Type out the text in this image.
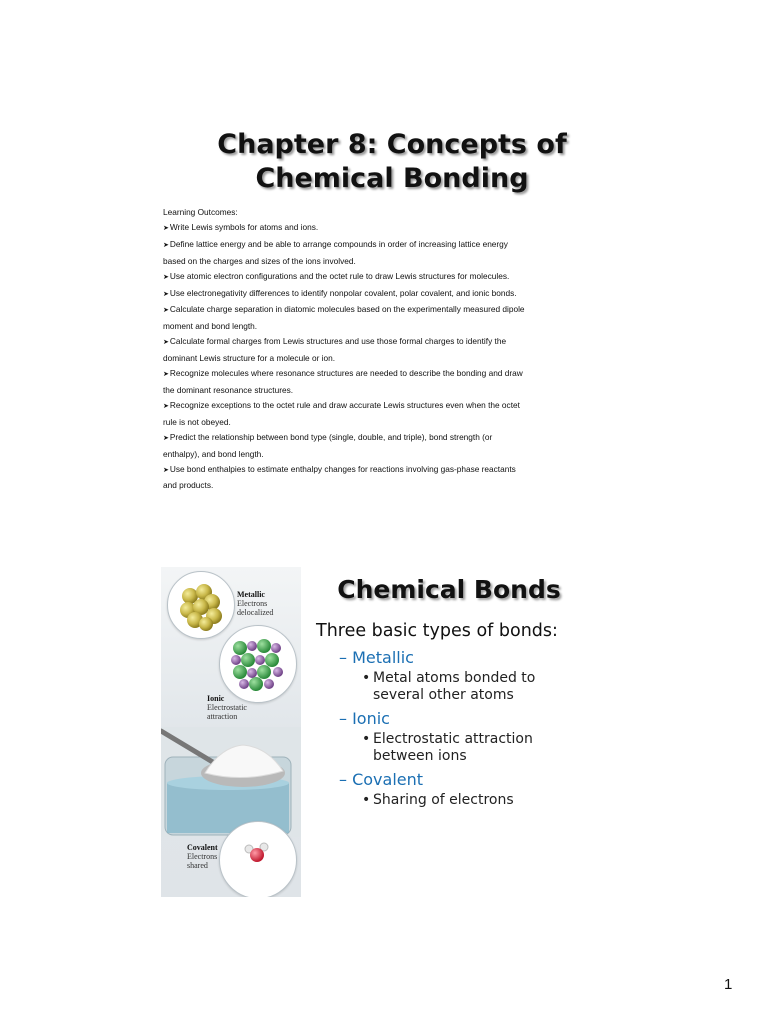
Chapter 8: Concepts of
Chemical Bonding
Learning Outcomes:
➤Write Lewis symbols for atoms and ions.
➤Define lattice energy and be able to arrange compounds in order of increasing lattice energy
based on the charges and sizes of the ions involved.
➤Use atomic electron configurations and the octet rule to draw Lewis structures for molecules.
➤Use electronegativity differences to identify nonpolar covalent, polar covalent, and ionic bonds.
➤Calculate charge separation in diatomic molecules based on the experimentally measured dipole
moment and bond length.
➤Calculate formal charges from Lewis structures and use those formal charges to identify the
dominant Lewis structure for a molecule or ion.
➤Recognize molecules where resonance structures are needed to describe the bonding and draw
the dominant resonance structures.
➤Recognize exceptions to the octet rule and draw accurate Lewis structures even when the octet
rule is not obeyed.
➤Predict the relationship between bond type (single, double, and triple), bond strength (or
enthalpy), and bond length.
➤Use bond enthalpies to estimate enthalpy changes for reactions involving gas-phase reactants
and products.
Metallic
Electrons
delocalized
Ionic
Electrostatic
attraction
Covalent
Electrons
shared
Chemical Bonds
Three basic types of bonds:
– Metallic
• Metal atoms bonded to
several other atoms
– Ionic
• Electrostatic attraction
between ions
– Covalent
• Sharing of electrons
1
